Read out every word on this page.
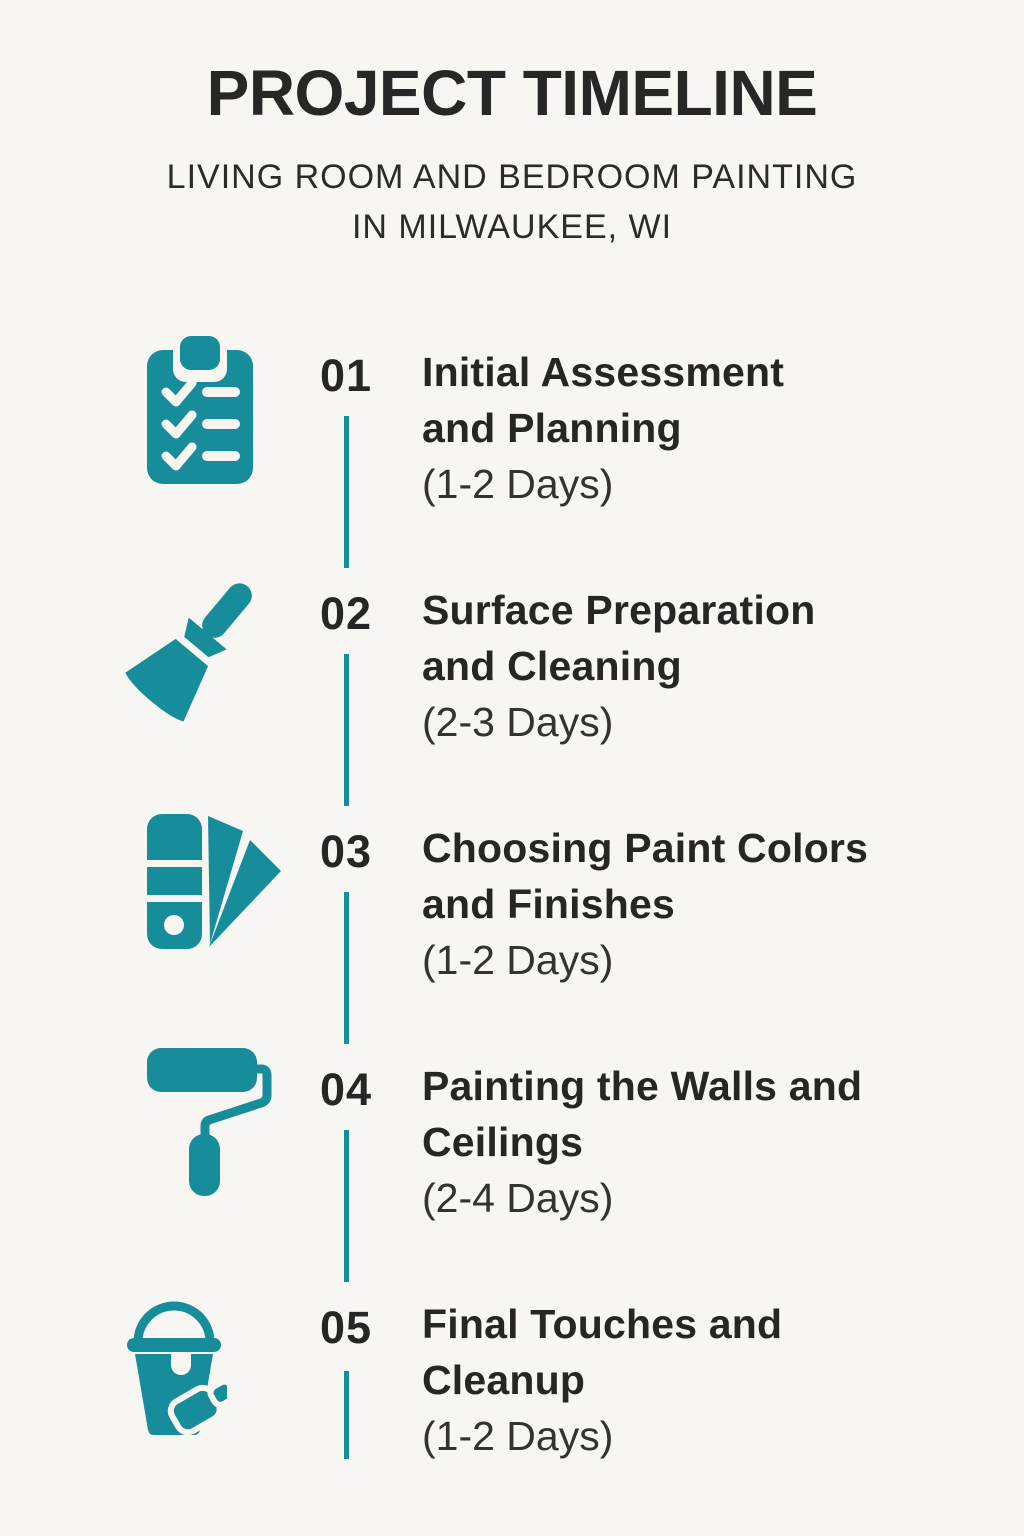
PROJECT TIMELINE

LIVING ROOM AND BEDROOM PAINTING
IN MILWAUKEE, WI

01	Initial Assessment
and Planning
(1-2 Days)
02	Surface Preparation
and Cleaning
(2-3 Days)
03	Choosing Paint Colors
and Finishes
(1-2 Days)
04	Painting the Walls and
Ceilings
(2-4 Days)
05	Final Touches and
Cleanup
(1-2 Days)
